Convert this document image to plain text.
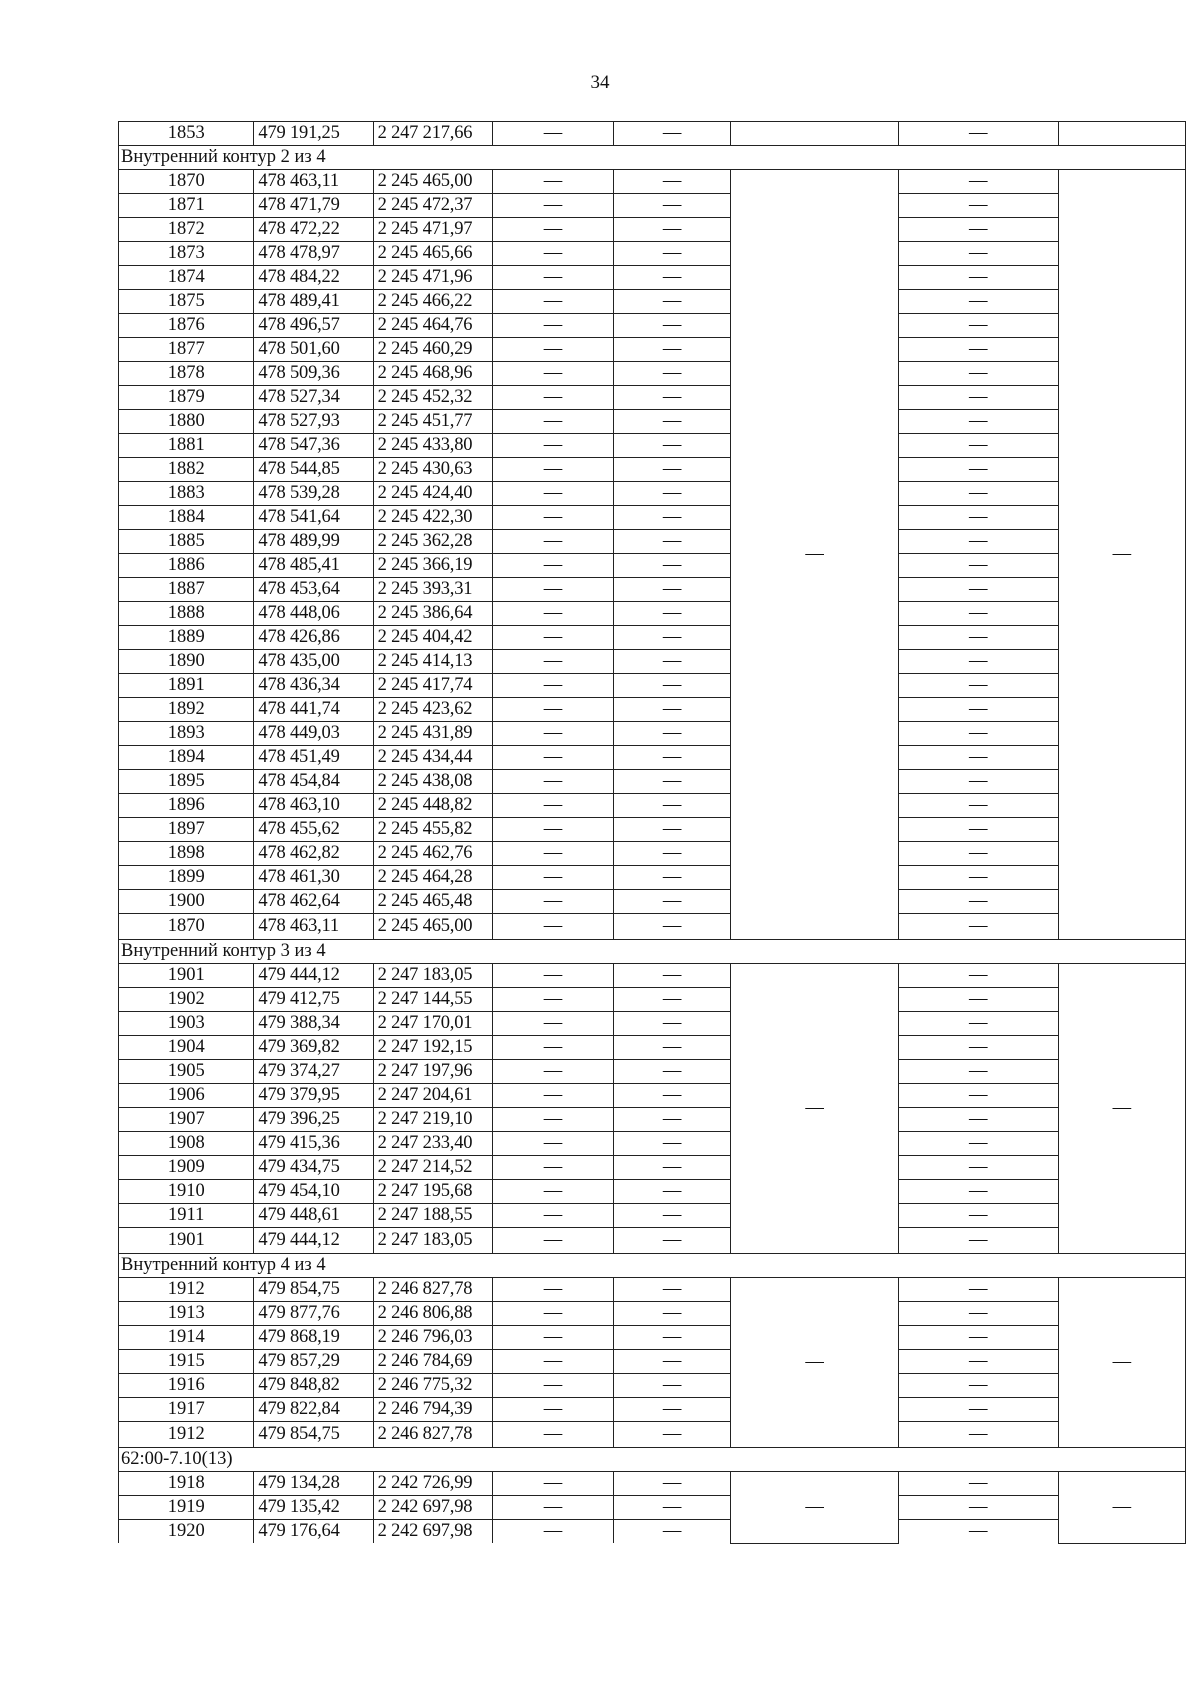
34
1853	479 191,25	2 247 217,66	—	—		—	
Внутренний контур 2 из 4							
1870	478 463,11	2 245 465,00	—	—	—	—	—
1871	478 471,79	2 245 472,37	—	—		—	
1872	478 472,22	2 245 471,97	—	—		—	
1873	478 478,97	2 245 465,66	—	—		—	
1874	478 484,22	2 245 471,96	—	—		—	
1875	478 489,41	2 245 466,22	—	—		—	
1876	478 496,57	2 245 464,76	—	—		—	
1877	478 501,60	2 245 460,29	—	—		—	
1878	478 509,36	2 245 468,96	—	—		—	
1879	478 527,34	2 245 452,32	—	—		—	
1880	478 527,93	2 245 451,77	—	—		—	
1881	478 547,36	2 245 433,80	—	—		—	
1882	478 544,85	2 245 430,63	—	—		—	
1883	478 539,28	2 245 424,40	—	—		—	
1884	478 541,64	2 245 422,30	—	—		—	
1885	478 489,99	2 245 362,28	—	—		—	
1886	478 485,41	2 245 366,19	—	—		—	
1887	478 453,64	2 245 393,31	—	—		—	
1888	478 448,06	2 245 386,64	—	—		—	
1889	478 426,86	2 245 404,42	—	—		—	
1890	478 435,00	2 245 414,13	—	—		—	
1891	478 436,34	2 245 417,74	—	—		—	
1892	478 441,74	2 245 423,62	—	—		—	
1893	478 449,03	2 245 431,89	—	—		—	
1894	478 451,49	2 245 434,44	—	—		—	
1895	478 454,84	2 245 438,08	—	—		—	
1896	478 463,10	2 245 448,82	—	—		—	
1897	478 455,62	2 245 455,82	—	—		—	
1898	478 462,82	2 245 462,76	—	—		—	
1899	478 461,30	2 245 464,28	—	—		—	
1900	478 462,64	2 245 465,48	—	—		—	
1870	478 463,11	2 245 465,00	—	—		—	
Внутренний контур 3 из 4							
1901	479 444,12	2 247 183,05	—	—	—	—	—
1902	479 412,75	2 247 144,55	—	—		—	
1903	479 388,34	2 247 170,01	—	—		—	
1904	479 369,82	2 247 192,15	—	—		—	
1905	479 374,27	2 247 197,96	—	—		—	
1906	479 379,95	2 247 204,61	—	—		—	
1907	479 396,25	2 247 219,10	—	—		—	
1908	479 415,36	2 247 233,40	—	—		—	
1909	479 434,75	2 247 214,52	—	—		—	
1910	479 454,10	2 247 195,68	—	—		—	
1911	479 448,61	2 247 188,55	—	—		—	
1901	479 444,12	2 247 183,05	—	—		—	
Внутренний контур 4 из 4							
1912	479 854,75	2 246 827,78	—	—	—	—	—
1913	479 877,76	2 246 806,88	—	—		—	
1914	479 868,19	2 246 796,03	—	—		—	
1915	479 857,29	2 246 784,69	—	—		—	
1916	479 848,82	2 246 775,32	—	—		—	
1917	479 822,84	2 246 794,39	—	—		—	
1912	479 854,75	2 246 827,78	—	—		—	
62:00-7.10(13)							
1918	479 134,28	2 242 726,99	—	—	—	—	—
1919	479 135,42	2 242 697,98	—	—		—	
1920	479 176,64	2 242 697,98	—	—		—	
